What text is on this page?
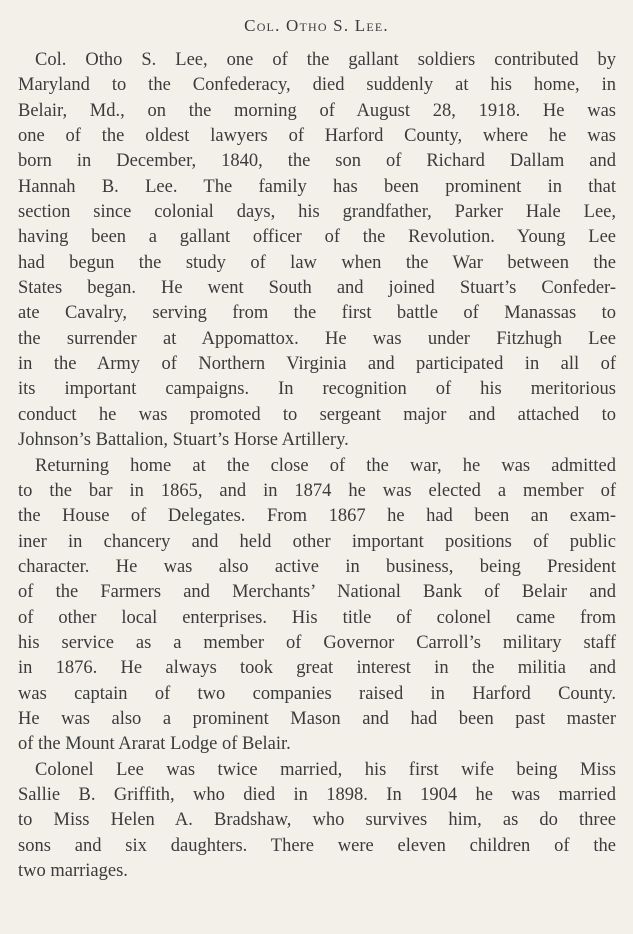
Col. Otho S. Lee.
Col. Otho S. Lee, one of the gallant soldiers contributed by
Maryland to the Confederacy, died suddenly at his home, in
Belair, Md., on the morning of August 28, 1918. He was
one of the oldest lawyers of Harford County, where he was
born in December, 1840, the son of Richard Dallam and
Hannah B. Lee. The family has been prominent in that
section since colonial days, his grandfather, Parker Hale Lee,
having been a gallant officer of the Revolution. Young Lee
had begun the study of law when the War between the
States began. He went South and joined Stuart’s Confeder-
ate Cavalry, serving from the first battle of Manassas to
the surrender at Appomattox. He was under Fitzhugh Lee
in the Army of Northern Virginia and participated in all of
its important campaigns. In recognition of his meritorious
conduct he was promoted to sergeant major and attached to
Johnson’s Battalion, Stuart’s Horse Artillery.
Returning home at the close of the war, he was admitted
to the bar in 1865, and in 1874 he was elected a member of
the House of Delegates. From 1867 he had been an exam-
iner in chancery and held other important positions of public
character. He was also active in business, being President
of the Farmers and Merchants’ National Bank of Belair and
of other local enterprises. His title of colonel came from
his service as a member of Governor Carroll’s military staff
in 1876. He always took great interest in the militia and
was captain of two companies raised in Harford County.
He was also a prominent Mason and had been past master
of the Mount Ararat Lodge of Belair.
Colonel Lee was twice married, his first wife being Miss
Sallie B. Griffith, who died in 1898. In 1904 he was married
to Miss Helen A. Bradshaw, who survives him, as do three
sons and six daughters. There were eleven children of the
two marriages.
